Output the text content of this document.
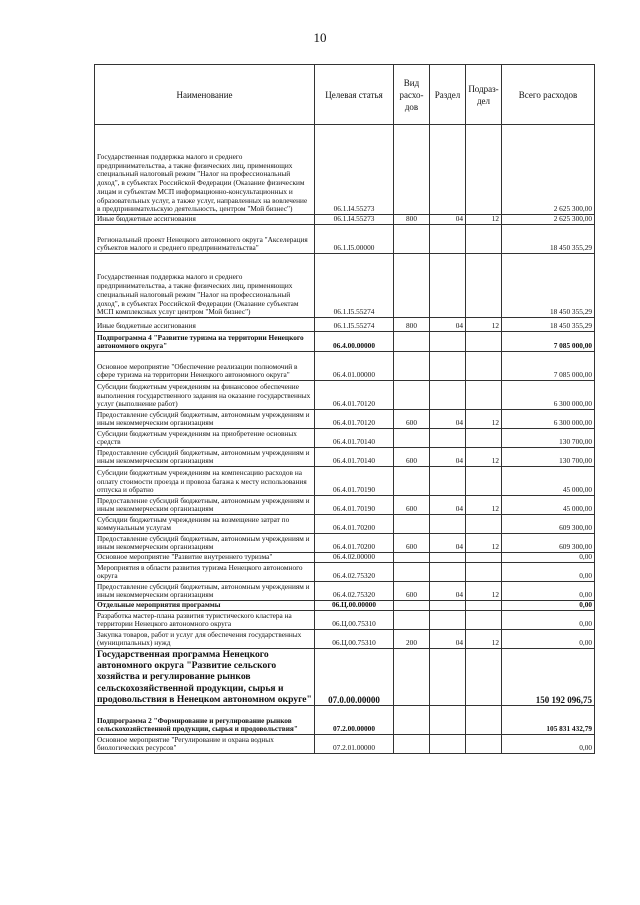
10
Наименование	Целевая статья	Вид расхо-дов	Раздел	Подраз-дел	Всего расходов
Государственная поддержка малого и среднего предпринимательства, а также физических лиц, применяющих специальный налоговый режим "Налог на профессиональный доход", в субъектах Российской Федерации (Оказание физическим лицам и субъектам МСП информационно-консультационных и образовательных услуг, а также услуг, направленных на вовлечение в предпринимательскую деятельность, центром "Мой бизнес")	06.1.I4.55273				2 625 300,00
Иные бюджетные ассигнования	06.1.I4.55273	800	04	12	2 625 300,00
Региональный проект Ненецкого автономного округа "Акселерация субъектов малого и среднего предпринимательства"	06.1.I5.00000				18 450 355,29
Государственная поддержка малого и среднего предпринимательства, а также физических лиц, применяющих специальный налоговый режим "Налог на профессиональный доход", в субъектах Российской Федерации (Оказание субъектам МСП комплексных услуг центром "Мой бизнес")	06.1.I5.55274				18 450 355,29
Иные бюджетные ассигнования	06.1.I5.55274	800	04	12	18 450 355,29
Подпрограмма 4 "Развитие туризма на территории Ненецкого автономного округа"	06.4.00.00000				7 085 000,00
Основное мероприятие "Обеспечение реализации полномочий в сфере туризма на территории Ненецкого автономного округа"	06.4.01.00000				7 085 000,00
Субсидии бюджетным учреждениям на финансовое обеспечение выполнения государственного задания на оказание государственных услуг (выполнение работ)	06.4.01.70120				6 300 000,00
Предоставление субсидий бюджетным, автономным учреждениям и иным некоммерческим организациям	06.4.01.70120	600	04	12	6 300 000,00
Субсидии бюджетным учреждениям на приобретение основных средств	06.4.01.70140				130 700,00
Предоставление субсидий бюджетным, автономным учреждениям и иным некоммерческим организациям	06.4.01.70140	600	04	12	130 700,00
Субсидии бюджетным учреждениям на компенсацию расходов на оплату стоимости проезда и провоза багажа к месту использования отпуска и обратно	06.4.01.70190				45 000,00
Предоставление субсидий бюджетным, автономным учреждениям и иным некоммерческим организациям	06.4.01.70190	600	04	12	45 000,00
Субсидии бюджетным учреждениям на возмещение затрат по коммунальным услугам	06.4.01.70200				609 300,00
Предоставление субсидий бюджетным, автономным учреждениям и иным некоммерческим организациям	06.4.01.70200	600	04	12	609 300,00
Основное мероприятие "Развитие внутреннего туризма"	06.4.02.00000				0,00
Мероприятия в области развития туризма Ненецкого автономного округа	06.4.02.75320				0,00
Предоставление субсидий бюджетным, автономным учреждениям и иным некоммерческим организациям	06.4.02.75320	600	04	12	0,00
Отдельные мероприятия программы	06.Ц.00.00000				0,00
Разработка мастер-плана развития туристического кластера на территории Ненецкого автономного округа	06.Ц.00.75310				0,00
Закупка товаров, работ и услуг для обеспечения государственных (муниципальных) нужд	06.Ц.00.75310	200	04	12	0,00
Государственная программа Ненецкого автономного округа "Развитие сельского хозяйства и регулирование рынков сельскохозяйственной продукции, сырья и продовольствия в Ненецком автономном округе"	07.0.00.00000				150 192 096,75
Подпрограмма 2 "Формирование и регулирование рынков сельскохозяйственной продукции, сырья и продовольствия"	07.2.00.00000				105 831 432,79
Основное мероприятие "Регулирование и охрана водных биологических ресурсов"	07.2.01.00000				0,00
